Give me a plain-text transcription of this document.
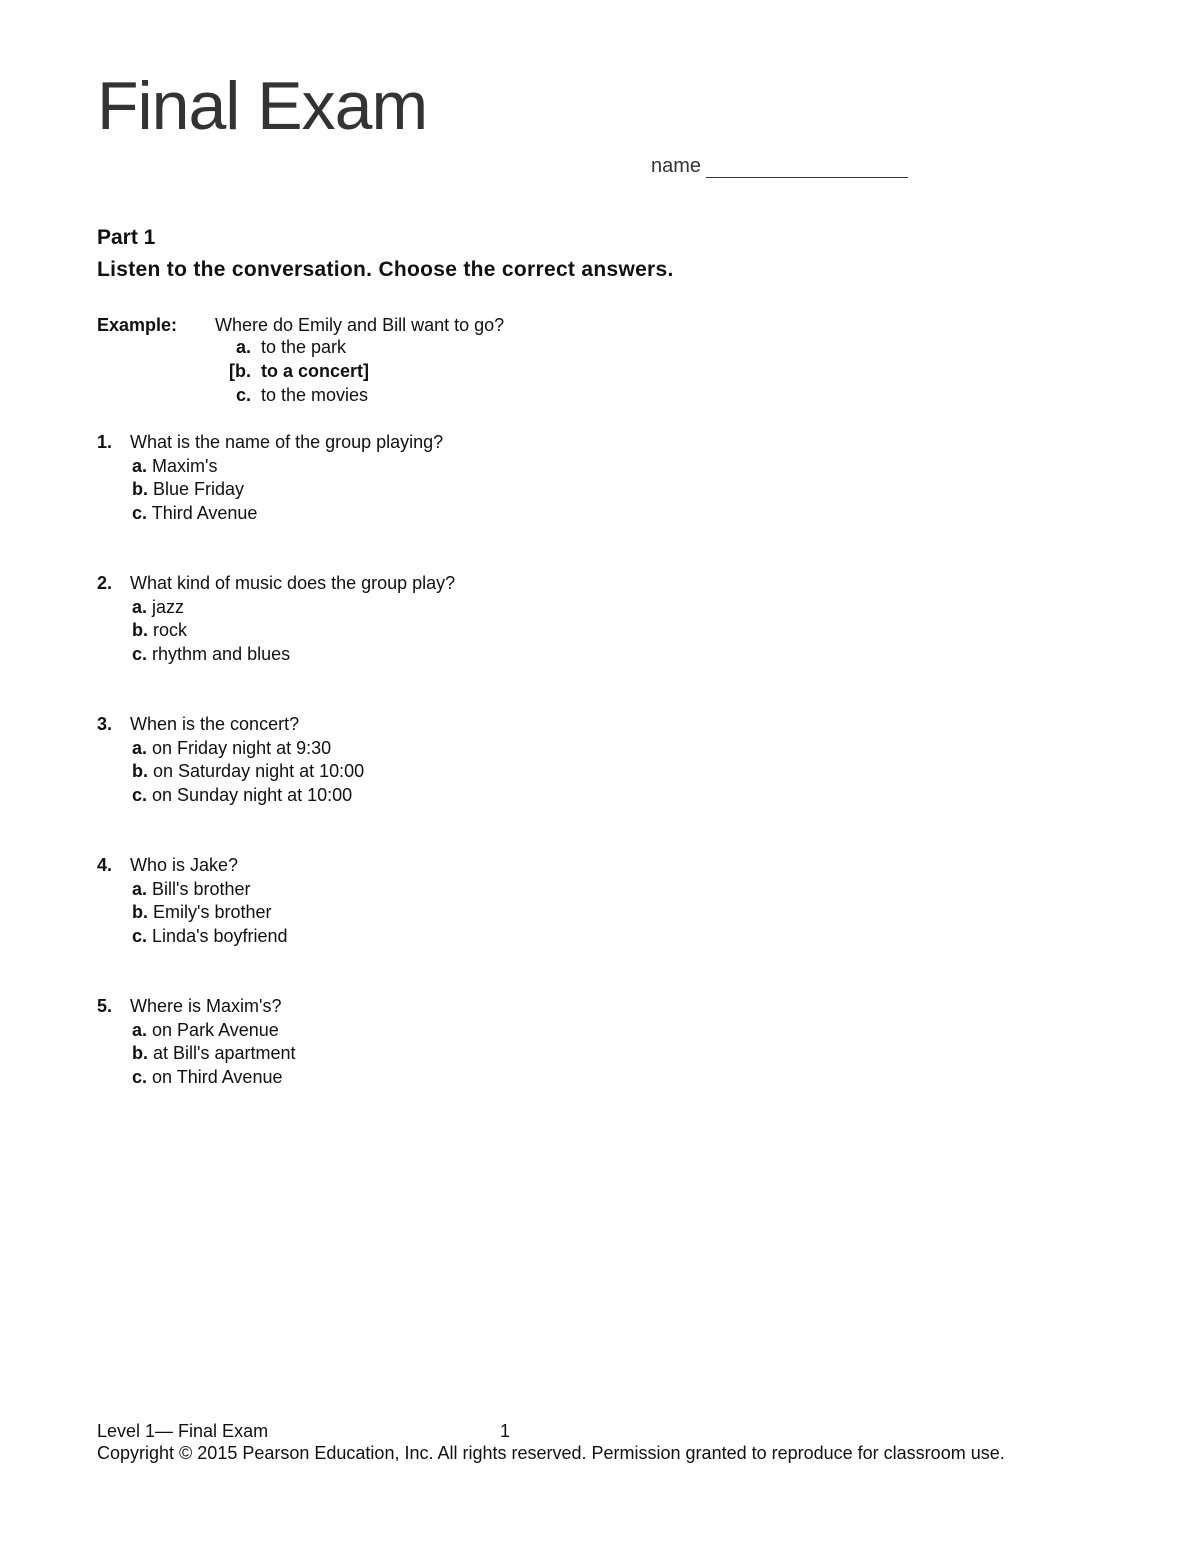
Final Exam
name
Part 1
Listen to the conversation. Choose the correct answers.
Example: Where do Emily and Bill want to go?
a. to the park
[b. to a concert]
c. to the movies
1. What is the name of the group playing?
a. Maxim's
b. Blue Friday
c. Third Avenue
2. What kind of music does the group play?
a. jazz
b. rock
c. rhythm and blues
3. When is the concert?
a. on Friday night at 9:30
b. on Saturday night at 10:00
c. on Sunday night at 10:00
4. Who is Jake?
a. Bill's brother
b. Emily's brother
c. Linda's boyfriend
5. Where is Maxim's?
a. on Park Avenue
b. at Bill's apartment
c. on Third Avenue
Level 1— Final Exam	1
Copyright © 2015 Pearson Education, Inc. All rights reserved. Permission granted to reproduce for classroom use.
